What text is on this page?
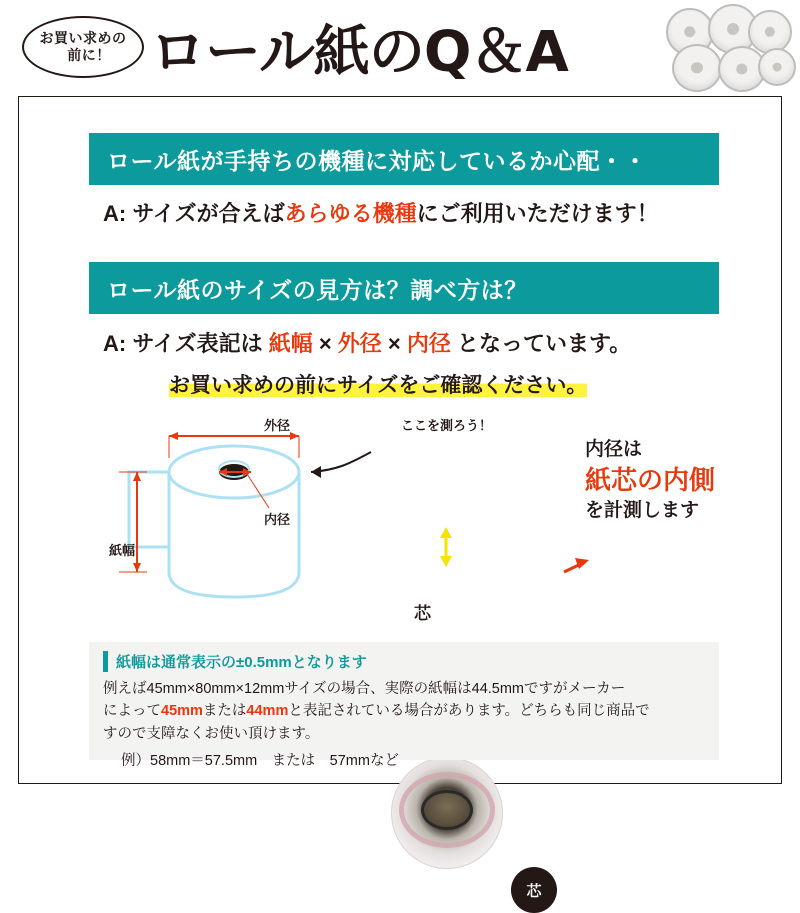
お買い求めの
前に！ ロール紙のQ＆A
ロール紙が手持ちの機種に対応しているか心配・・
A: サイズが合えばあらゆる機種にご利用いただけます！
ロール紙のサイズの見方は？調べ方は？
A: サイズ表記は 紙幅 × 外径 × 内径 となっています。
お買い求めの前にサイズをご確認ください。
芯
外径
内径
紙幅
ここを測ろう！
芯
内径は
紙芯の内側
を計測します
紙幅は通常表示の±0.5mmとなります
例えば45mm×80mm×12mmサイズの場合、実際の紙幅は44.5mmですがメーカー
によって45mmまたは44mmと表記されている場合があります。どちらも同じ商品で
すので支障なくお使い頂けます。
例）58mm＝57.5mm　または　57mmなど
